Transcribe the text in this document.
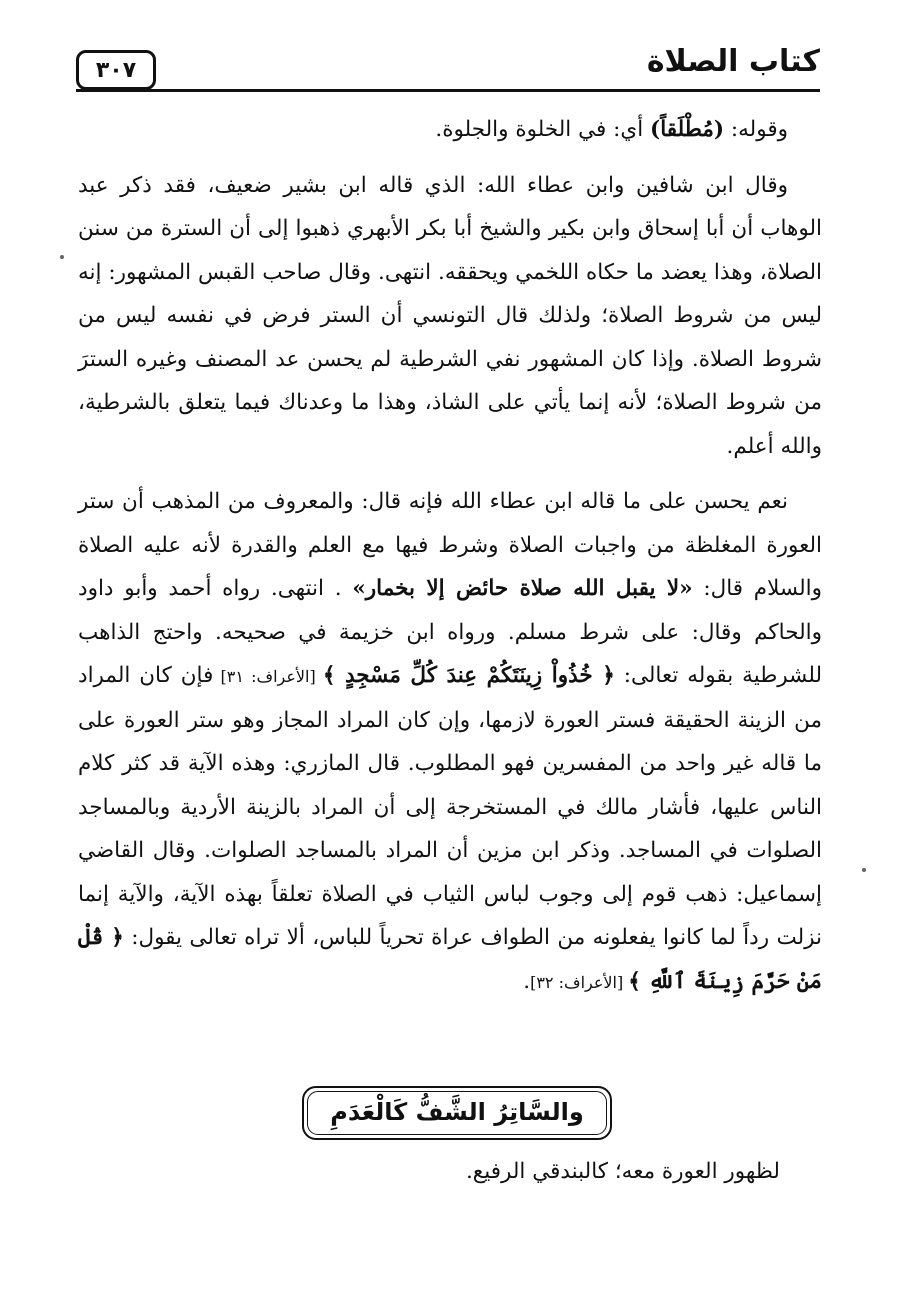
كتاب الصلاة
٣٠٧

وقوله: (مُطْلَقاً) أي: في الخلوة والجلوة.

وقال ابن شافين وابن عطاء الله: الذي قاله ابن بشير ضعيف، فقد ذكر عبد الوهاب أن أبا إسحاق وابن بكير والشيخ أبا بكر الأبهري ذهبوا إلى أن السترة من سنن الصلاة، وهذا يعضد ما حكاه اللخمي ويحققه. انتهى. وقال صاحب القبس المشهور: إنه ليس من شروط الصلاة؛ ولذلك قال التونسي أن الستر فرض في نفسه ليس من شروط الصلاة. وإذا كان المشهور نفي الشرطية لم يحسن عد المصنف وغيره السترَ من شروط الصلاة؛ لأنه إنما يأتي على الشاذ، وهذا ما وعدناك فيما يتعلق بالشرطية، والله أعلم.

نعم يحسن على ما قاله ابن عطاء الله فإنه قال: والمعروف من المذهب أن ستر العورة المغلظة من واجبات الصلاة وشرط فيها مع العلم والقدرة لأنه عليه الصلاة والسلام قال: «لا يقبل الله صلاة حائض إلا بخمار» . انتهى. رواه أحمد وأبو داود والحاكم وقال: على شرط مسلم. ورواه ابن خزيمة في صحيحه. واحتج الذاهب للشرطية بقوله تعالى: ﴿ خُذُواْ زِينَتَكُمْ عِندَ كُلِّ مَسْجِدٍ ﴾ [الأعراف: ٣١] فإن كان المراد من الزينة الحقيقة فستر العورة لازمها، وإن كان المراد المجاز وهو ستر العورة على ما قاله غير واحد من المفسرين فهو المطلوب. قال المازري: وهذه الآية قد كثر كلام الناس عليها، فأشار مالك في المستخرجة إلى أن المراد بالزينة الأردية وبالمساجد الصلوات في المساجد. وذكر ابن مزين أن المراد بالمساجد الصلوات. وقال القاضي إسماعيل: ذهب قوم إلى وجوب لباس الثياب في الصلاة تعلقاً بهذه الآية، والآية إنما نزلت رداً لما كانوا يفعلونه من الطواف عراة تحرياً للباس، ألا تراه تعالى يقول: ﴿ قُلْ مَنْ حَرَّمَ زِينَةَ ٱللَّهِ ﴾ [الأعراف: ٣٢].

والسَّاتِرُ الشَّفُّ كَالْعَدَمِ
لظهور العورة معه؛ كالبندقي الرفيع.
